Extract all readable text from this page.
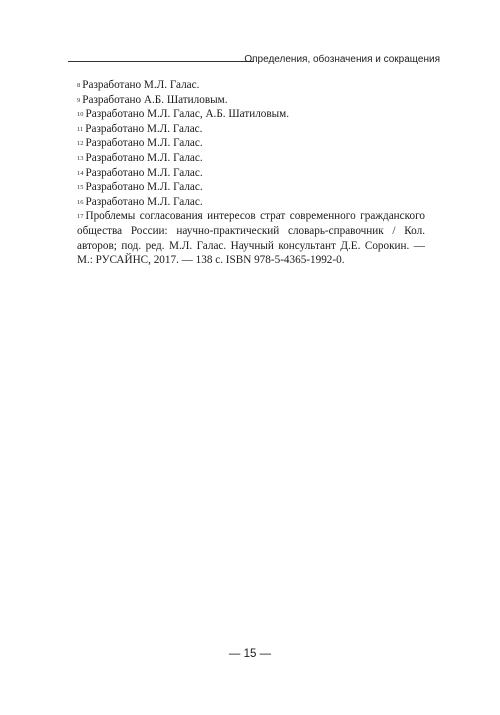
Определения, обозначения и сокращения
$^8$ Разработано М.Л. Галас.
$^9$ Разработано А.Б. Шатиловым.
$^{10}$ Разработано М.Л. Галас, А.Б. Шатиловым.
$^{11}$ Разработано М.Л. Галас.
$^{12}$ Разработано М.Л. Галас.
$^{13}$ Разработано М.Л. Галас.
$^{14}$ Разработано М.Л. Галас.
$^{15}$ Разработано М.Л. Галас.
$^{16}$ Разработано М.Л. Галас.
$^{17}$ Проблемы согласования интересов страт современного гражданского общества России: научно-практический словарь-справочник / Кол. авторов; под. ред. М.Л. Галас. Научный консультант Д.Е. Сорокин. — М.: РУСАЙНС, 2017. — 138 с. ISBN 978-5-4365-1992-0.
— 15 —
